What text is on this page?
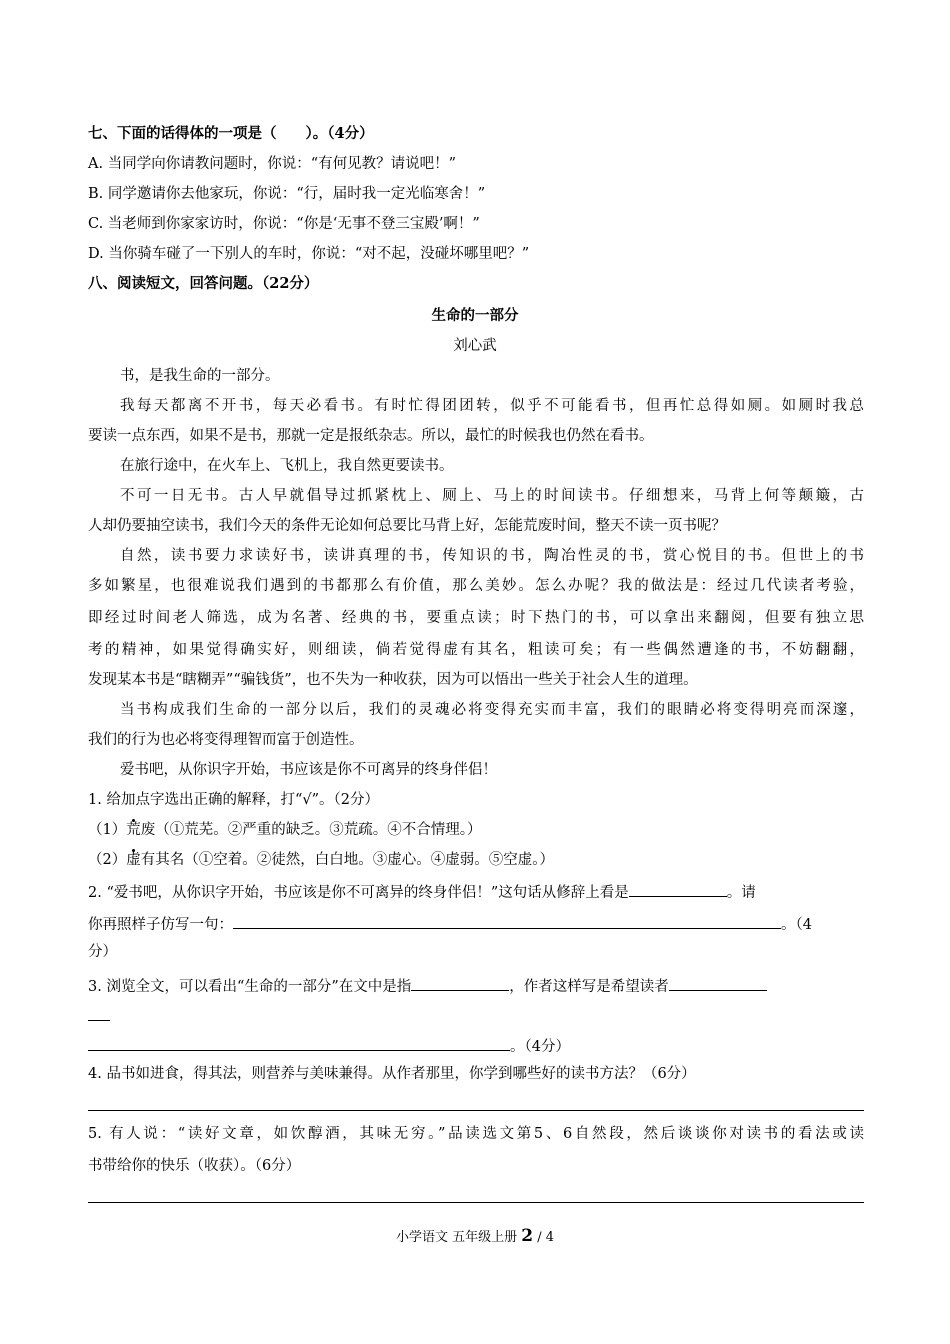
七、下面的话得体的一项是（　　）。（4分）
A. 当同学向你请教问题时，你说：“有何见教？请说吧！”
B. 同学邀请你去他家玩，你说：“行，届时我一定光临寒舍！”
C. 当老师到你家家访时，你说：“你是‘无事不登三宝殿’啊！”
D. 当你骑车碰了一下别人的车时，你说：“对不起，没碰坏哪里吧？”
八、阅读短文，回答问题。（22分）
生命的一部分
刘心武
书，是我生命的一部分。
我每天都离不开书，每天必看书。有时忙得团团转，似乎不可能看书，但再忙总得如厕。如厕时我总
要读一点东西，如果不是书，那就一定是报纸杂志。所以，最忙的时候我也仍然在看书。
在旅行途中，在火车上、飞机上，我自然更要读书。
不可一日无书。古人早就倡导过抓紧枕上、厕上、马上的时间读书。仔细想来，马背上何等颠簸，古
人却仍要抽空读书，我们今天的条件无论如何总要比马背上好，怎能荒废时间，整天不读一页书呢？
自然，读书要力求读好书，读讲真理的书，传知识的书，陶冶性灵的书，赏心悦目的书。但世上的书
多如繁星，也很难说我们遇到的书都那么有价值，那么美妙。怎么办呢？我的做法是：经过几代读者考验，
即经过时间老人筛选，成为名著、经典的书，要重点读；时下热门的书，可以拿出来翻阅，但要有独立思
考的精神，如果觉得确实好，则细读，倘若觉得虚有其名，粗读可矣；有一些偶然遭逢的书，不妨翻翻，
发现某本书是“瞎糊弄”“骗钱货”，也不失为一种收获，因为可以悟出一些关于社会人生的道理。
当书构成我们生命的一部分以后，我们的灵魂必将变得充实而丰富，我们的眼睛必将变得明亮而深邃，
我们的行为也必将变得理智而富于创造性。
爱书吧，从你识字开始，书应该是你不可离异的终身伴侣！
1. 给加点字选出正确的解释，打“√”。（2分）
（1）荒废（①荒芜。②严重的缺乏。③荒疏。④不合情理。）
（2）虚有其名（①空着。②徒然，白白地。③虚心。④虚弱。⑤空虚。）
2. “爱书吧，从你识字开始，书应该是你不可离异的终身伴侣！”这句话从修辞上看是	。请
你再照样子仿写一句：	。（4
分）
3. 浏览全文，可以看出“生命的一部分”在文中是指	，作者这样写是希望读者
。（4分）
4. 品书如进食，得其法，则营养与美味兼得。从作者那里，你学到哪些好的读书方法？（6分）
5. 有人说：“读好文章，如饮醇酒，其味无穷。”品读选文第5、6自然段，然后谈谈你对读书的看法或读
书带给你的快乐（收获）。（6分）
小学语文 五年级上册 2 / 4
